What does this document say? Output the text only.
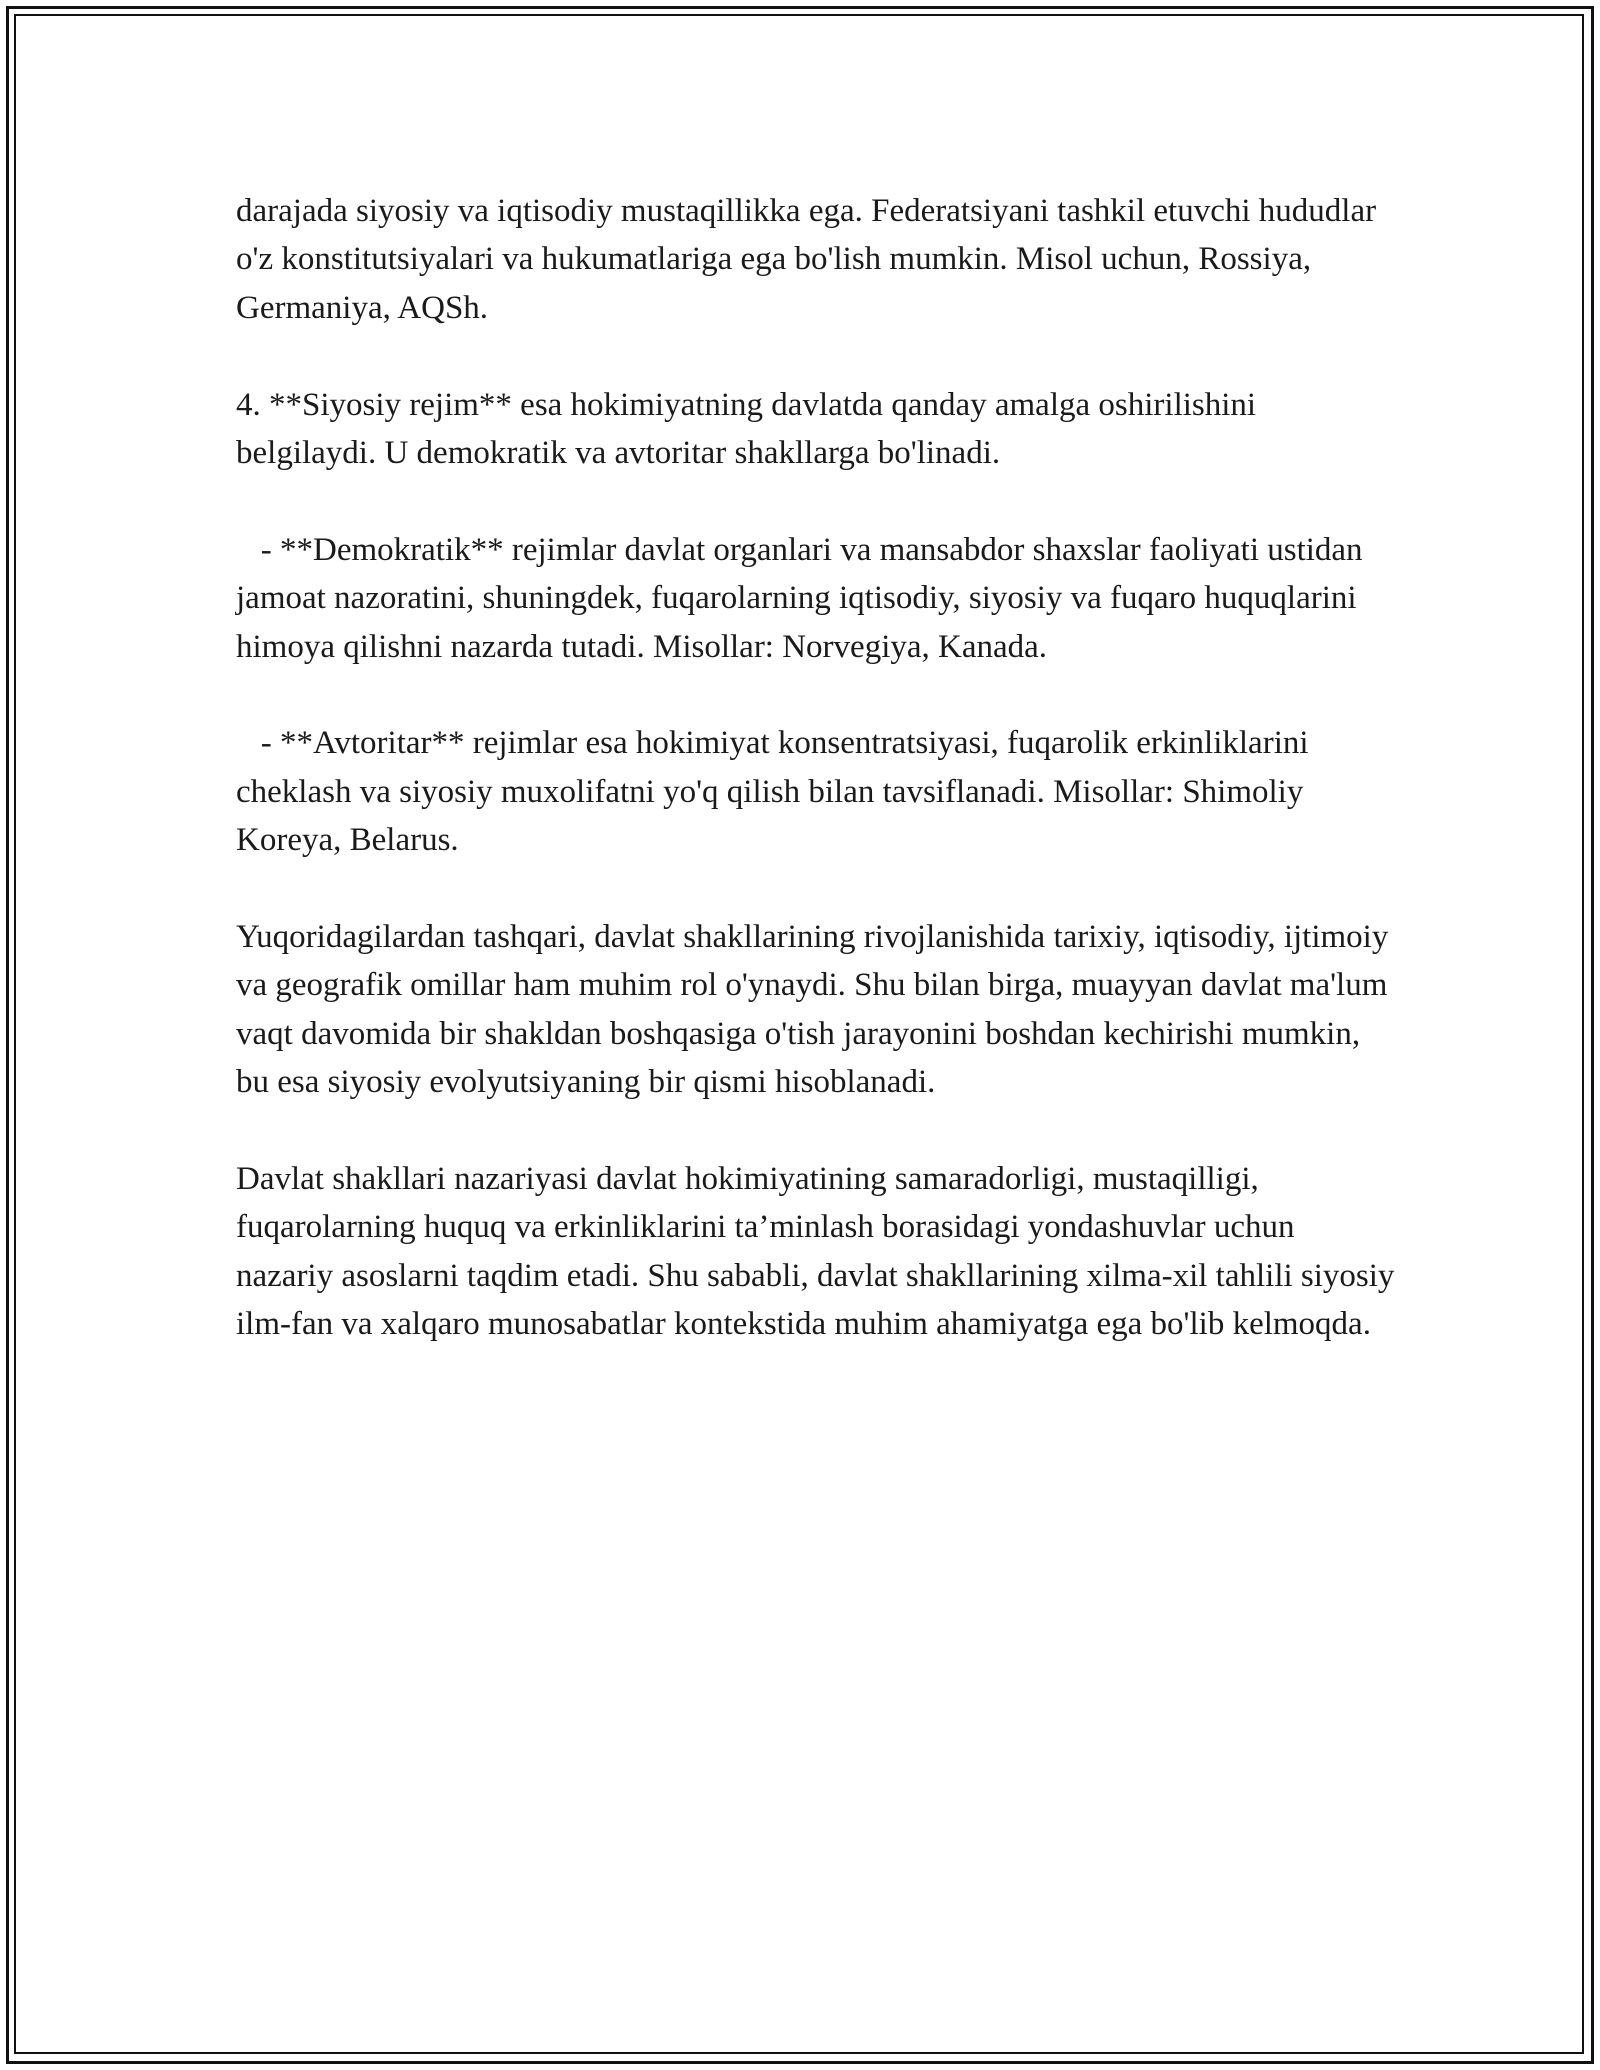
darajada siyosiy va iqtisodiy mustaqillikka ega. Federatsiyani tashkil etuvchi hududlar o'z konstitutsiyalari va hukumatlariga ega bo'lish mumkin. Misol uchun, Rossiya, Germaniya, AQSh.

4. **Siyosiy rejim** esa hokimiyatning davlatda qanday amalga oshirilishini belgilaydi. U demokratik va avtoritar shakllarga bo'linadi.

- **Demokratik** rejimlar davlat organlari va mansabdor shaxslar faoliyati ustidan jamoat nazoratini, shuningdek, fuqarolarning iqtisodiy, siyosiy va fuqaro huquqlarini himoya qilishni nazarda tutadi. Misollar: Norvegiya, Kanada.

- **Avtoritar** rejimlar esa hokimiyat konsentratsiyasi, fuqarolik erkinliklarini cheklash va siyosiy muxolifatni yo'q qilish bilan tavsiflanadi. Misollar: Shimoliy Koreya, Belarus.

Yuqoridagilardan tashqari, davlat shakllarining rivojlanishida tarixiy, iqtisodiy, ijtimoiy va geografik omillar ham muhim rol o'ynaydi. Shu bilan birga, muayyan davlat ma'lum vaqt davomida bir shakldan boshqasiga o'tish jarayonini boshdan kechirishi mumkin, bu esa siyosiy evolyutsiyaning bir qismi hisoblanadi.

Davlat shakllari nazariyasi davlat hokimiyatining samaradorligi, mustaqilligi, fuqarolarning huquq va erkinliklarini ta’minlash borasidagi yondashuvlar uchun nazariy asoslarni taqdim etadi. Shu sababli, davlat shakllarining xilma-xil tahlili siyosiy ilm-fan va xalqaro munosabatlar kontekstida muhim ahamiyatga ega bo'lib kelmoqda.
